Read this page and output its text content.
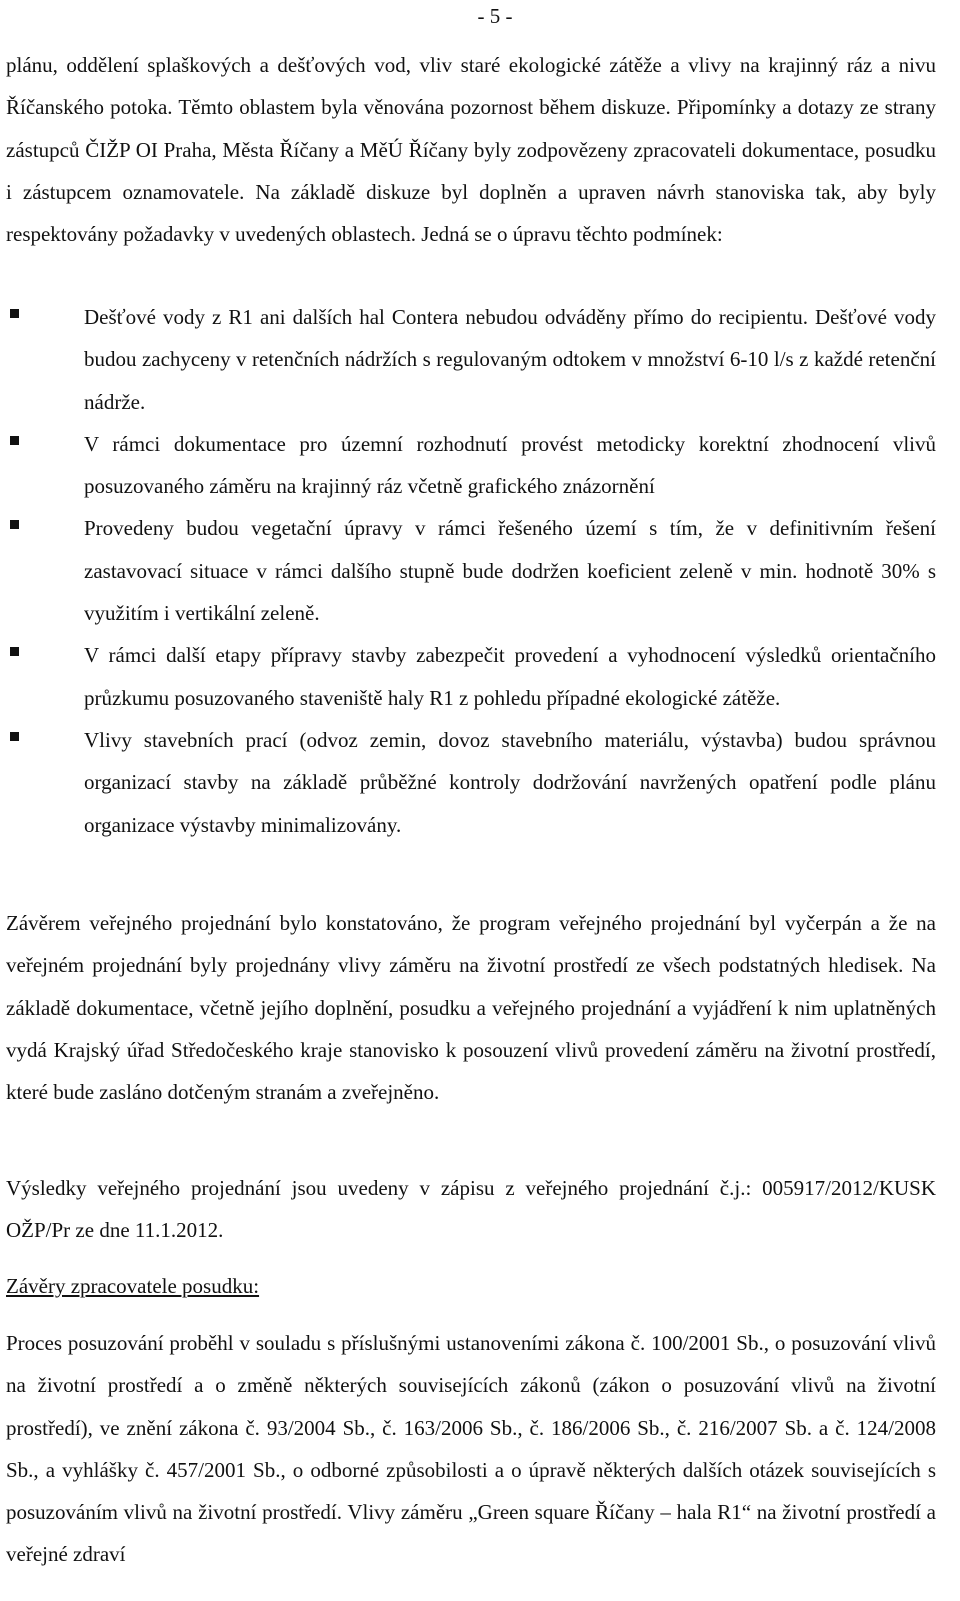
- 5 -

plánu, oddělení splaškových a dešťových vod, vliv staré ekologické zátěže a vlivy na krajinný ráz a nivu Říčanského potoka. Těmto oblastem byla věnována pozornost během diskuze. Připomínky a dotazy ze strany zástupců ČIŽP OI Praha, Města Říčany a MěÚ Říčany byly zodpovězeny zpracovateli dokumentace, posudku i zástupcem oznamovatele. Na základě diskuze byl doplněn a upraven návrh stanoviska tak, aby byly respektovány požadavky v uvedených oblastech. Jedná se o úpravu těchto podmínek:

Dešťové vody z R1 ani dalších hal Contera nebudou odváděny přímo do recipientu. Dešťové vody budou zachyceny v retenčních nádržích s regulovaným odtokem v množství 6-10 l/s z každé retenční nádrže.
V rámci dokumentace pro územní rozhodnutí provést metodicky korektní zhodnocení vlivů posuzovaného záměru na krajinný ráz včetně grafického znázornění
Provedeny budou vegetační úpravy v rámci řešeného území s tím, že v definitivním řešení zastavovací situace v rámci dalšího stupně bude dodržen koeficient zeleně v min. hodnotě 30% s využitím i vertikální zeleně.
V rámci další etapy přípravy stavby zabezpečit provedení a vyhodnocení výsledků orientačního průzkumu posuzovaného staveniště haly R1 z pohledu případné ekologické zátěže.
Vlivy stavebních prací (odvoz zemin, dovoz stavebního materiálu, výstavba) budou správnou organizací stavby na základě průběžné kontroly dodržování navržených opatření podle plánu organizace výstavby minimalizovány.

Závěrem veřejného projednání bylo konstatováno, že program veřejného projednání byl vyčerpán a že na veřejném projednání byly projednány vlivy záměru na životní prostředí ze všech podstatných hledisek. Na základě dokumentace, včetně jejího doplnění, posudku a veřejného projednání a vyjádření k nim uplatněných vydá Krajský úřad Středočeského kraje stanovisko k posouzení vlivů provedení záměru na životní prostředí, které bude zasláno dotčeným stranám a zveřejněno.

Výsledky veřejného projednání jsou uvedeny v zápisu z veřejného projednání č.j.: 005917/2012/KUSK OŽP/Pr ze dne 11.1.2012.

Závěry zpracovatele posudku:

Proces posuzování proběhl v souladu s příslušnými ustanoveními zákona č. 100/2001 Sb., o posuzování vlivů na životní prostředí a o změně některých souvisejících zákonů (zákon o posuzování vlivů na životní prostředí), ve znění zákona č. 93/2004 Sb., č. 163/2006 Sb., č. 186/2006 Sb., č. 216/2007 Sb. a č. 124/2008 Sb., a vyhlášky č. 457/2001 Sb., o odborné způsobilosti a o úpravě některých dalších otázek souvisejících s posuzováním vlivů na životní prostředí. Vlivy záměru „Green square Říčany – hala R1“ na životní prostředí a veřejné zdraví
